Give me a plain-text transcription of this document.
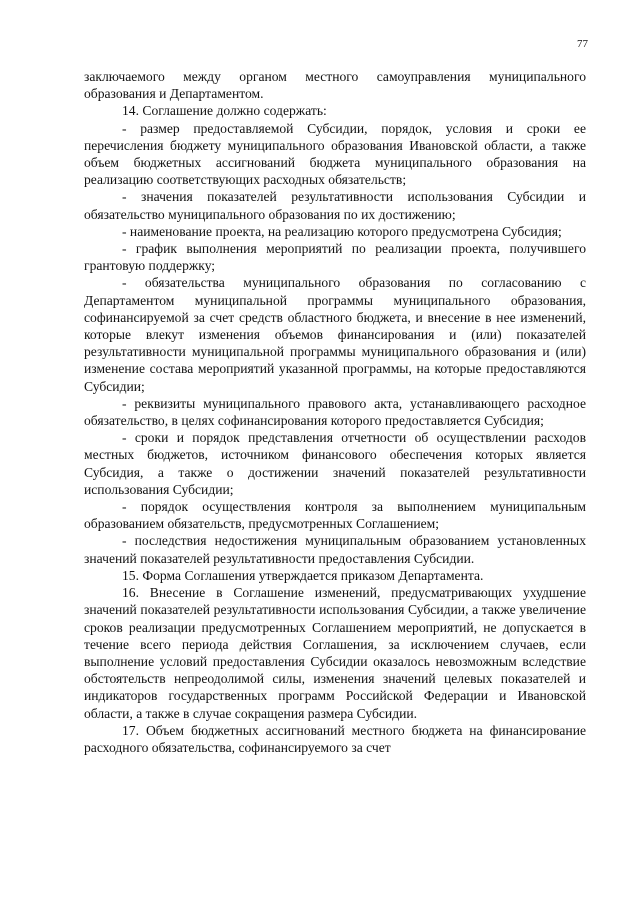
77

заключаемого между органом местного самоуправления муниципального образования и Департаментом.

14. Соглашение должно содержать:

- размер предоставляемой Субсидии, порядок, условия и сроки ее перечисления бюджету муниципального образования Ивановской области, а также объем бюджетных ассигнований бюджета муниципального образования на реализацию соответствующих расходных обязательств;

- значения показателей результативности использования Субсидии и обязательство муниципального образования по их достижению;

- наименование проекта, на реализацию которого предусмотрена Субсидия;

- график выполнения мероприятий по реализации проекта, получившего грантовую поддержку;

- обязательства муниципального образования по согласованию с Департаментом муниципальной программы муниципального образования, софинансируемой за счет средств областного бюджета, и внесение в нее изменений, которые влекут изменения объемов финансирования и (или) показателей результативности муниципальной программы муниципального образования и (или) изменение состава мероприятий указанной программы, на которые предоставляются Субсидии;

- реквизиты муниципального правового акта, устанавливающего расходное обязательство, в целях софинансирования которого предоставляется Субсидия;

- сроки и порядок представления отчетности об осуществлении расходов местных бюджетов, источником финансового обеспечения которых является Субсидия, а также о достижении значений показателей результативности использования Субсидии;

- порядок осуществления контроля за выполнением муниципальным образованием обязательств, предусмотренных Соглашением;

- последствия недостижения муниципальным образованием установленных значений показателей результативности предоставления Субсидии.

15. Форма Соглашения утверждается приказом Департамента.

16. Внесение в Соглашение изменений, предусматривающих ухудшение значений показателей результативности использования Субсидии, а также увеличение сроков реализации предусмотренных Соглашением мероприятий, не допускается в течение всего периода действия Соглашения, за исключением случаев, если выполнение условий предоставления Субсидии оказалось невозможным вследствие обстоятельств непреодолимой силы, изменения значений целевых показателей и индикаторов государственных программ Российской Федерации и Ивановской области, а также в случае сокращения размера Субсидии.

17. Объем бюджетных ассигнований местного бюджета на финансирование расходного обязательства, софинансируемого за счет
